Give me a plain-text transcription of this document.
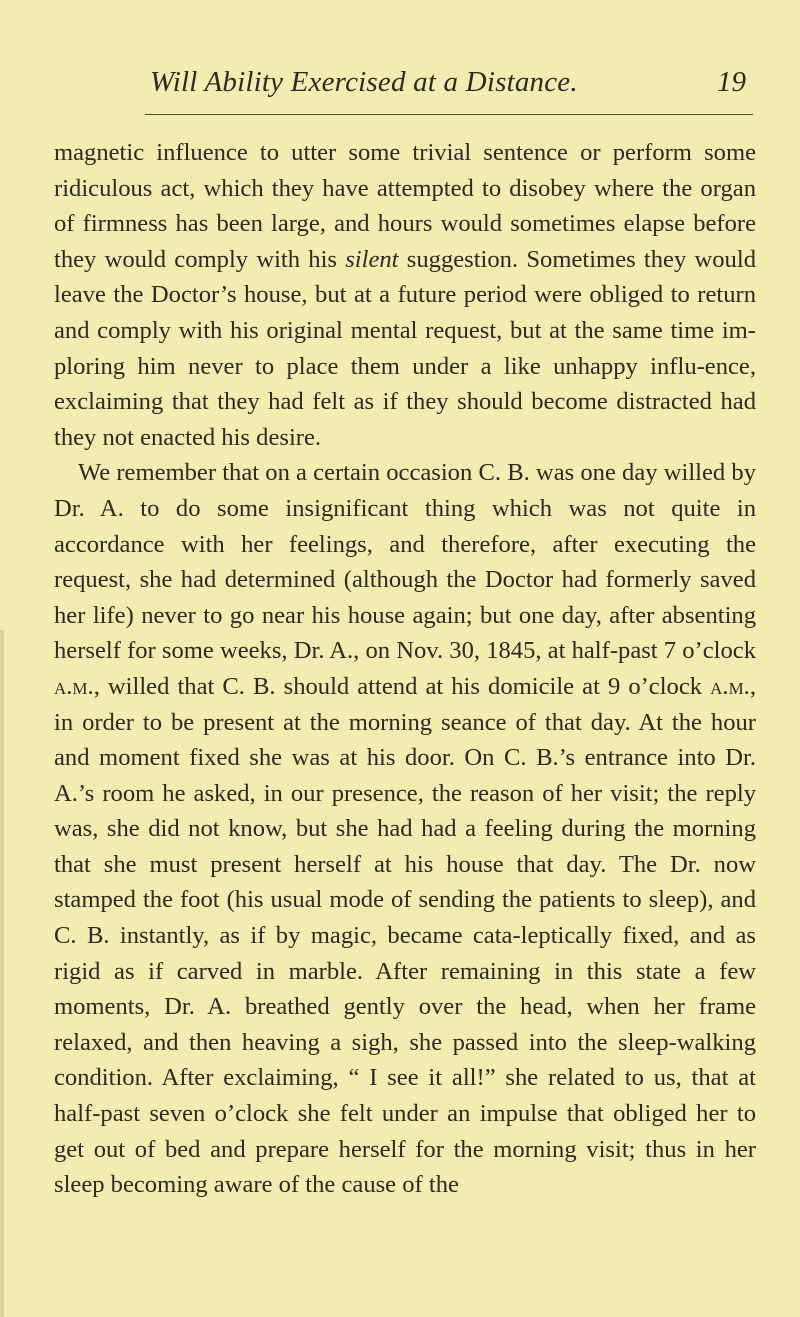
Will Ability Exercised at a Distance.	19

magnetic influence to utter some trivial sentence or perform some ridiculous act, which they have attempted to disobey where the organ of firmness has been large, and hours would sometimes elapse before they would comply with his silent suggestion. Sometimes they would leave the Doctor’s house, but at a future period were obliged to return and comply with his original mental request, but at the same time im-ploring him never to place them under a like unhappy influ-ence, exclaiming that they had felt as if they should become distracted had they not enacted his desire.

We remember that on a certain occasion C. B. was one day willed by Dr. A. to do some insignificant thing which was not quite in accordance with her feelings, and therefore, after executing the request, she had determined (although the Doctor had formerly saved her life) never to go near his house again; but one day, after absenting herself for some weeks, Dr. A., on Nov. 30, 1845, at half-past 7 o’clock a.m., willed that C. B. should attend at his domicile at 9 o’clock a.m., in order to be present at the morning seance of that day. At the hour and moment fixed she was at his door. On C. B.’s entrance into Dr. A.’s room he asked, in our presence, the reason of her visit; the reply was, she did not know, but she had had a feeling during the morning that she must present herself at his house that day. The Dr. now stamped the foot (his usual mode of sending the patients to sleep), and C. B. instantly, as if by magic, became cata-leptically fixed, and as rigid as if carved in marble. After remaining in this state a few moments, Dr. A. breathed gently over the head, when her frame relaxed, and then heaving a sigh, she passed into the sleep-walking condition. After exclaiming, “ I see it all!” she related to us, that at half-past seven o’clock she felt under an impulse that obliged her to get out of bed and prepare herself for the morning visit; thus in her sleep becoming aware of the cause of the
